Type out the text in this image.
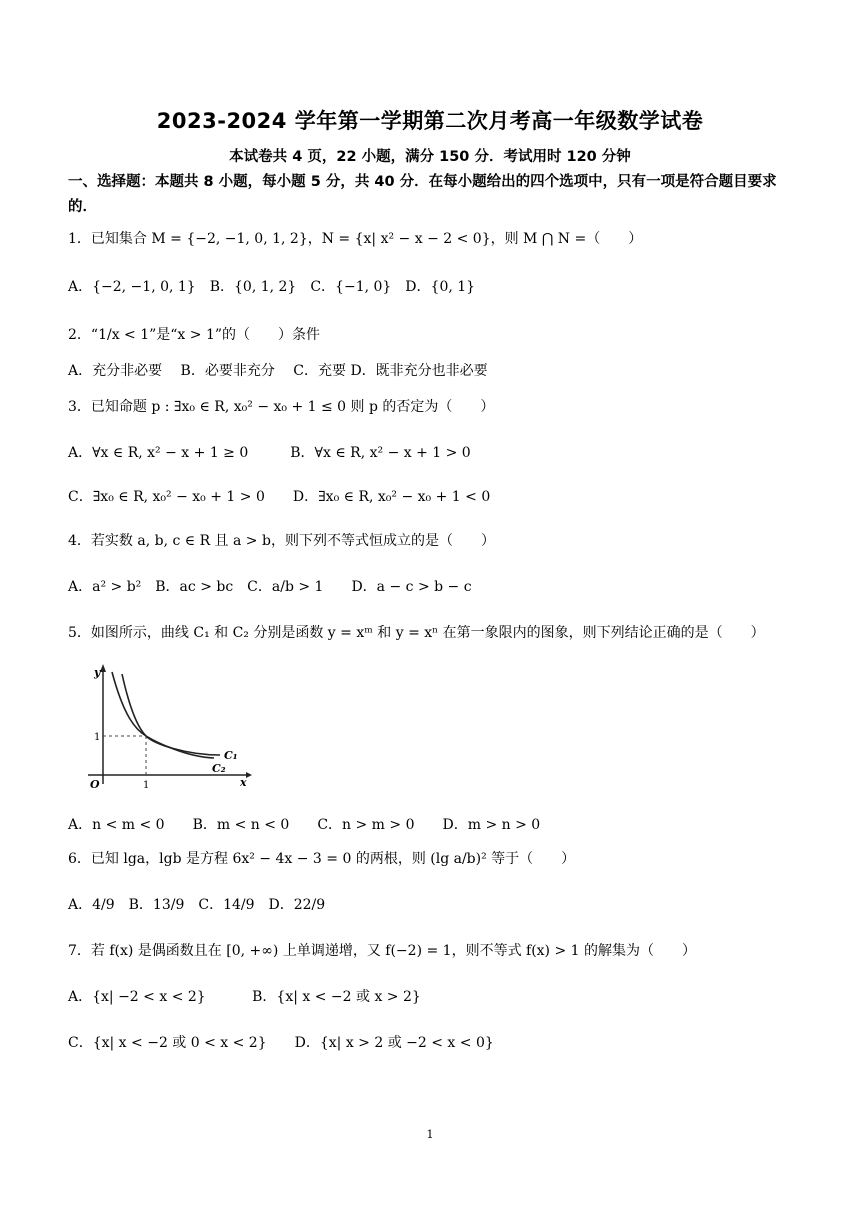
2023-2024 学年第一学期第二次月考高一年级数学试卷
本试卷共 4 页，22 小题，满分 150 分．考试用时 120 分钟
一、选择题：本题共 8 小题，每小题 5 分，共 40 分．在每小题给出的四个选项中，只有一项是符合题目要求的．
1．已知集合 M = {−2, −1, 0, 1, 2}，N = {x| x² − x − 2 < 0}，则 M ⋂ N =（　　）
A．{−2, −1, 0, 1}　B．{0, 1, 2}　C．{−1, 0}　D．{0, 1}
2．“1/x < 1”是“x > 1”的（　　）条件
A．充分非必要　 B．必要非充分　 C．充要 D．既非充分也非必要
3．已知命题 p : ∃x₀ ∈ R, x₀² − x₀ + 1 ≤ 0 则 p 的否定为（　　）
A．∀x ∈ R, x² − x + 1 ≥ 0　　　B．∀x ∈ R, x² − x + 1 > 0
C．∃x₀ ∈ R, x₀² − x₀ + 1 > 0　　D．∃x₀ ∈ R, x₀² − x₀ + 1 < 0
4．若实数 a, b, c ∈ R 且 a > b，则下列不等式恒成立的是（　　）
A．a² > b²　B．ac > bc　C．a/b > 1　　D．a − c > b − c
5．如图所示，曲线 C₁ 和 C₂ 分别是函数 y = xᵐ 和 y = xⁿ 在第一象限内的图象，则下列结论正确的是（　　）
y
x
O	1
1
C₁
C₂
A．n < m < 0　　B．m < n < 0　　C．n > m > 0　　D．m > n > 0
6．已知 lga，lgb 是方程 6x² − 4x − 3 = 0 的两根，则 (lg a/b)² 等于（　　）
A．4/9　B．13/9　C．14/9　D．22/9
7．若 f(x) 是偶函数且在 [0, +∞) 上单调递增，又 f(−2) = 1，则不等式 f(x) > 1 的解集为（　　）
A．{x| −2 < x < 2}　　　 B．{x| x < −2 或 x > 2}
C．{x| x < −2 或 0 < x < 2}　　D．{x| x > 2 或 −2 < x < 0}
1
